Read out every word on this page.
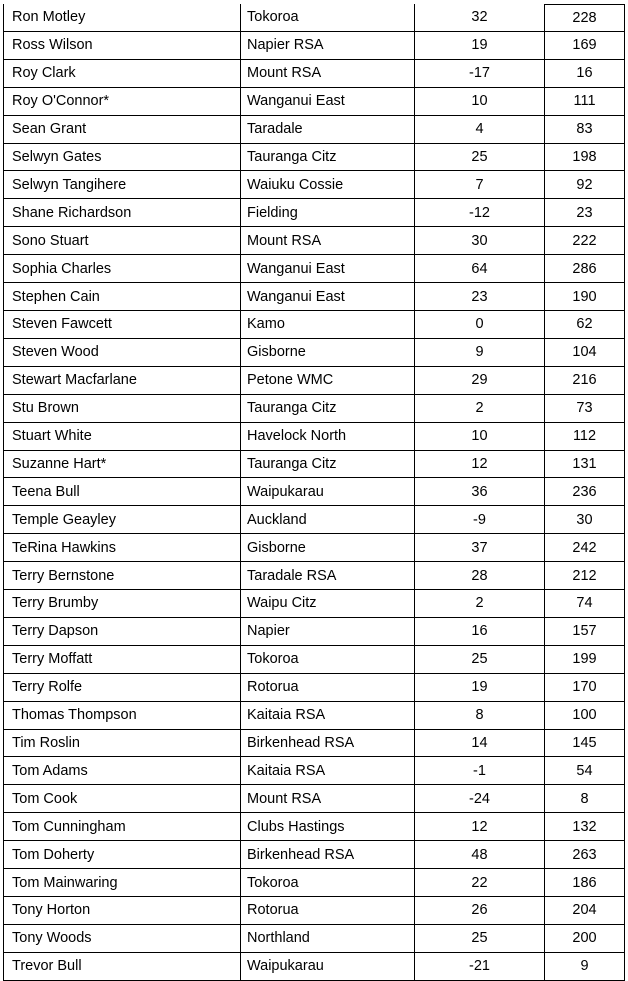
Ron Motley	Tokoroa	32	228
Ross Wilson	Napier RSA	19	169
Roy Clark	Mount RSA	-17	16
Roy O'Connor*	Wanganui East	10	111
Sean Grant	Taradale	4	83
Selwyn Gates	Tauranga Citz	25	198
Selwyn Tangihere	Waiuku Cossie	7	92
Shane Richardson	Fielding	-12	23
Sono Stuart	Mount RSA	30	222
Sophia Charles	Wanganui East	64	286
Stephen Cain	Wanganui East	23	190
Steven Fawcett	Kamo	0	62
Steven Wood	Gisborne	9	104
Stewart Macfarlane	Petone WMC	29	216
Stu Brown	Tauranga Citz	2	73
Stuart White	Havelock North	10	112
Suzanne Hart*	Tauranga Citz	12	131
Teena Bull	Waipukarau	36	236
Temple Geayley	Auckland	-9	30
TeRina Hawkins	Gisborne	37	242
Terry Bernstone	Taradale RSA	28	212
Terry Brumby	Waipu Citz	2	74
Terry Dapson	Napier	16	157
Terry Moffatt	Tokoroa	25	199
Terry Rolfe	Rotorua	19	170
Thomas Thompson	Kaitaia RSA	8	100
Tim Roslin	Birkenhead RSA	14	145
Tom Adams	Kaitaia RSA	-1	54
Tom Cook	Mount RSA	-24	8
Tom Cunningham	Clubs Hastings	12	132
Tom Doherty	Birkenhead RSA	48	263
Tom Mainwaring	Tokoroa	22	186
Tony Horton	Rotorua	26	204
Tony Woods	Northland	25	200
Trevor Bull	Waipukarau	-21	9
